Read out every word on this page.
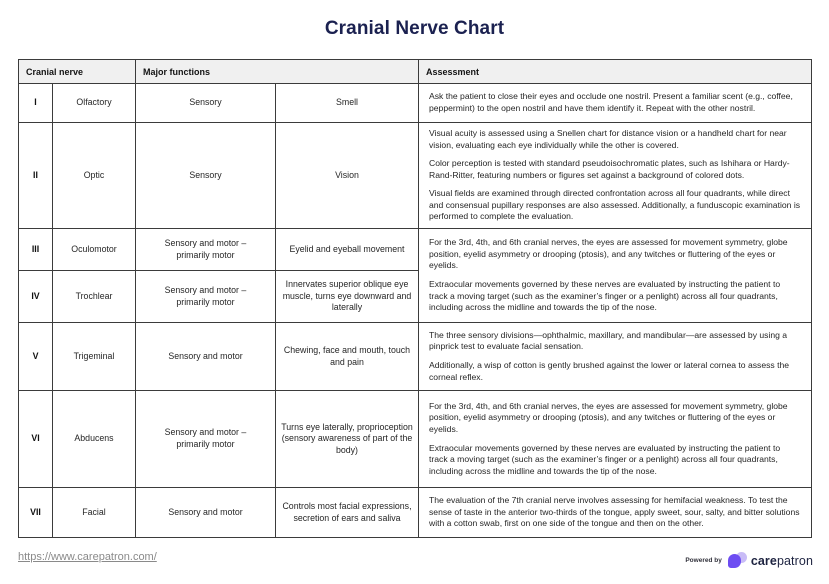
Cranial Nerve Chart
Cranial nerve		Major functions		Assessment
I	Olfactory	Sensory	Smell	Ask the patient to close their eyes and occlude one nostril. Present a familiar scent (e.g., coffee, peppermint) to the open nostril and have them identify it. Repeat with the other nostril.

II	Optic	Sensory	Vision	Visual acuity is assessed using a Snellen chart for distance vision or a handheld chart for near vision, evaluating each eye individually while the other is covered.

Color perception is tested with standard pseudoisochromatic plates, such as Ishihara or Hardy-Rand-Ritter, featuring numbers or figures set against a background of colored dots.

Visual fields are examined through directed confrontation across all four quadrants, while direct and consensual pupillary responses are also assessed. Additionally, a funduscopic examination is performed to complete the evaluation.

III	Oculomotor	Sensory and motor – primarily motor	Eyelid and eyeball movement	For the 3rd, 4th, and 6th cranial nerves, the eyes are assessed for movement symmetry, globe position, eyelid asymmetry or drooping (ptosis), and any twitches or fluttering of the eyes or eyelids.

Extraocular movements governed by these nerves are evaluated by instructing the patient to track a moving target (such as the examiner’s finger or a penlight) across all four quadrants, including across the midline and towards the tip of the nose.

IV	Trochlear	Sensory and motor – primarily motor	Innervates superior oblique eye muscle, turns eye downward and laterally	
V	Trigeminal	Sensory and motor	Chewing, face and mouth, touch and pain	The three sensory divisions—ophthalmic, maxillary, and mandibular—are assessed by using a pinprick test to evaluate facial sensation.

Additionally, a wisp of cotton is gently brushed against the lower or lateral cornea to assess the corneal reflex.

VI	Abducens	Sensory and motor – primarily motor	Turns eye laterally, proprioception (sensory awareness of part of the body)	For the 3rd, 4th, and 6th cranial nerves, the eyes are assessed for movement symmetry, globe position, eyelid asymmetry or drooping (ptosis), and any twitches or fluttering of the eyes or eyelids.

Extraocular movements governed by these nerves are evaluated by instructing the patient to track a moving target (such as the examiner’s finger or a penlight) across all four quadrants, including across the midline and towards the tip of the nose.

VII	Facial	Sensory and motor	Controls most facial expressions, secretion of ears and saliva	The evaluation of the 7th cranial nerve involves assessing for hemifacial weakness. To test the sense of taste in the anterior two-thirds of the tongue, apply sweet, sour, salty, and bitter solutions with a cotton swab, first on one side of the tongue and then on the other.

https://www.carepatron.com/	Powered by carepatron
